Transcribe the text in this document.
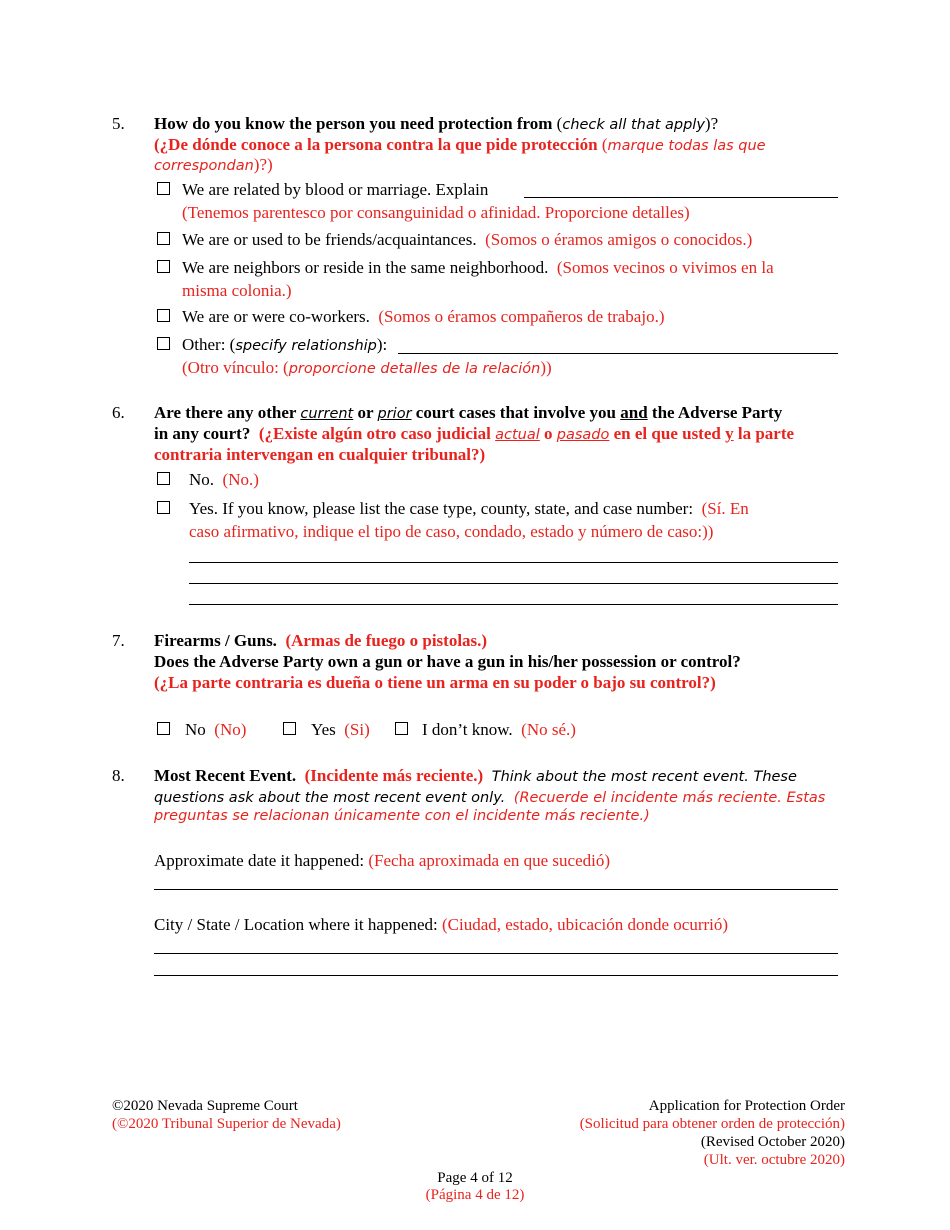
5. How do you know the person you need protection from (check all that apply)?
(¿De dónde conoce a la persona contra la que pide protección (marque todas las que
correspondan)?)
We are related by blood or marriage. Explain
(Tenemos parentesco por consanguinidad o afinidad. Proporcione detalles)
We are or used to be friends/acquaintances. (Somos o éramos amigos o conocidos.)
We are neighbors or reside in the same neighborhood. (Somos vecinos o vivimos en la
misma colonia.)
We are or were co-workers. (Somos o éramos compañeros de trabajo.)
Other: (specify relationship):
(Otro vínculo: (proporcione detalles de la relación))
6. Are there any other current or prior court cases that involve you and the Adverse Party
in any court?  (¿Existe algún otro caso judicial actual o pasado en el que usted y la parte
contraria intervengan en cualquier tribunal?)
No. (No.)
Yes. If you know, please list the case type, county, state, and case number: (Sí. En
caso afirmativo, indique el tipo de caso, condado, estado y número de caso:))
7. Firearms / Guns. (Armas de fuego o pistolas.)
Does the Adverse Party own a gun or have a gun in his/her possession or control?
(¿La parte contraria es dueña o tiene un arma en su poder o bajo su control?)
No (No)	Yes (Si)	I don’t know. (No sé.)
8. Most Recent Event. (Incidente más reciente.) Think about the most recent event. These
questions ask about the most recent event only. (Recuerde el incidente más reciente. Estas
preguntas se relacionan únicamente con el incidente más reciente.)
Approximate date it happened: (Fecha aproximada en que sucedió)
City / State / Location where it happened: (Ciudad, estado, ubicación donde ocurrió)
©2020 Nevada Supreme Court
(©2020 Tribunal Superior de Nevada)
Application for Protection Order
(Solicitud para obtener orden de protección)
(Revised October 2020)
(Ult. ver. octubre 2020)
Page 4 of 12
(Página 4 de 12)
